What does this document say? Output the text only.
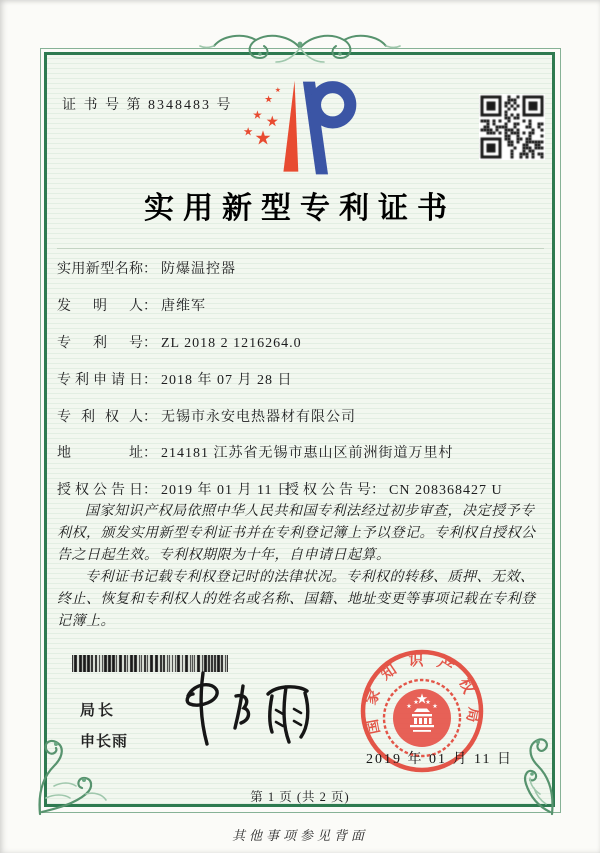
证 书 号 第 8348483 号
实用新型专利证书
实用新型名称 ： 防爆温控器
发明人 ： 唐维军
专利号 ： ZL 2018 2 1216264.0
专利申请日 ： 2018 年 07 月 28 日
专利权人 ： 无锡市永安电热器材有限公司
地址 ： 214181 江苏省无锡市惠山区前洲街道万里村
授权公告日 ： 2019 年 01 月 11 日
授权公告号 ： CN 208368427 U

国家知识产权局依照中华人民共和国专利法经过初步审查，决定授予专利权，颁发实用新型专利证书并在专利登记簿上予以登记。专利权自授权公告之日起生效。专利权期限为十年，自申请日起算。

专利证书记载专利权登记时的法律状况。专利权的转移、质押、无效、终止、恢复和专利权人的姓名或名称、国籍、地址变更等事项记载在专利登记簿上。

局长
申长雨
国家知识产权局
2019 年 01 月 11 日
第 1 页 (共 2 页)
其他事项参见背面
